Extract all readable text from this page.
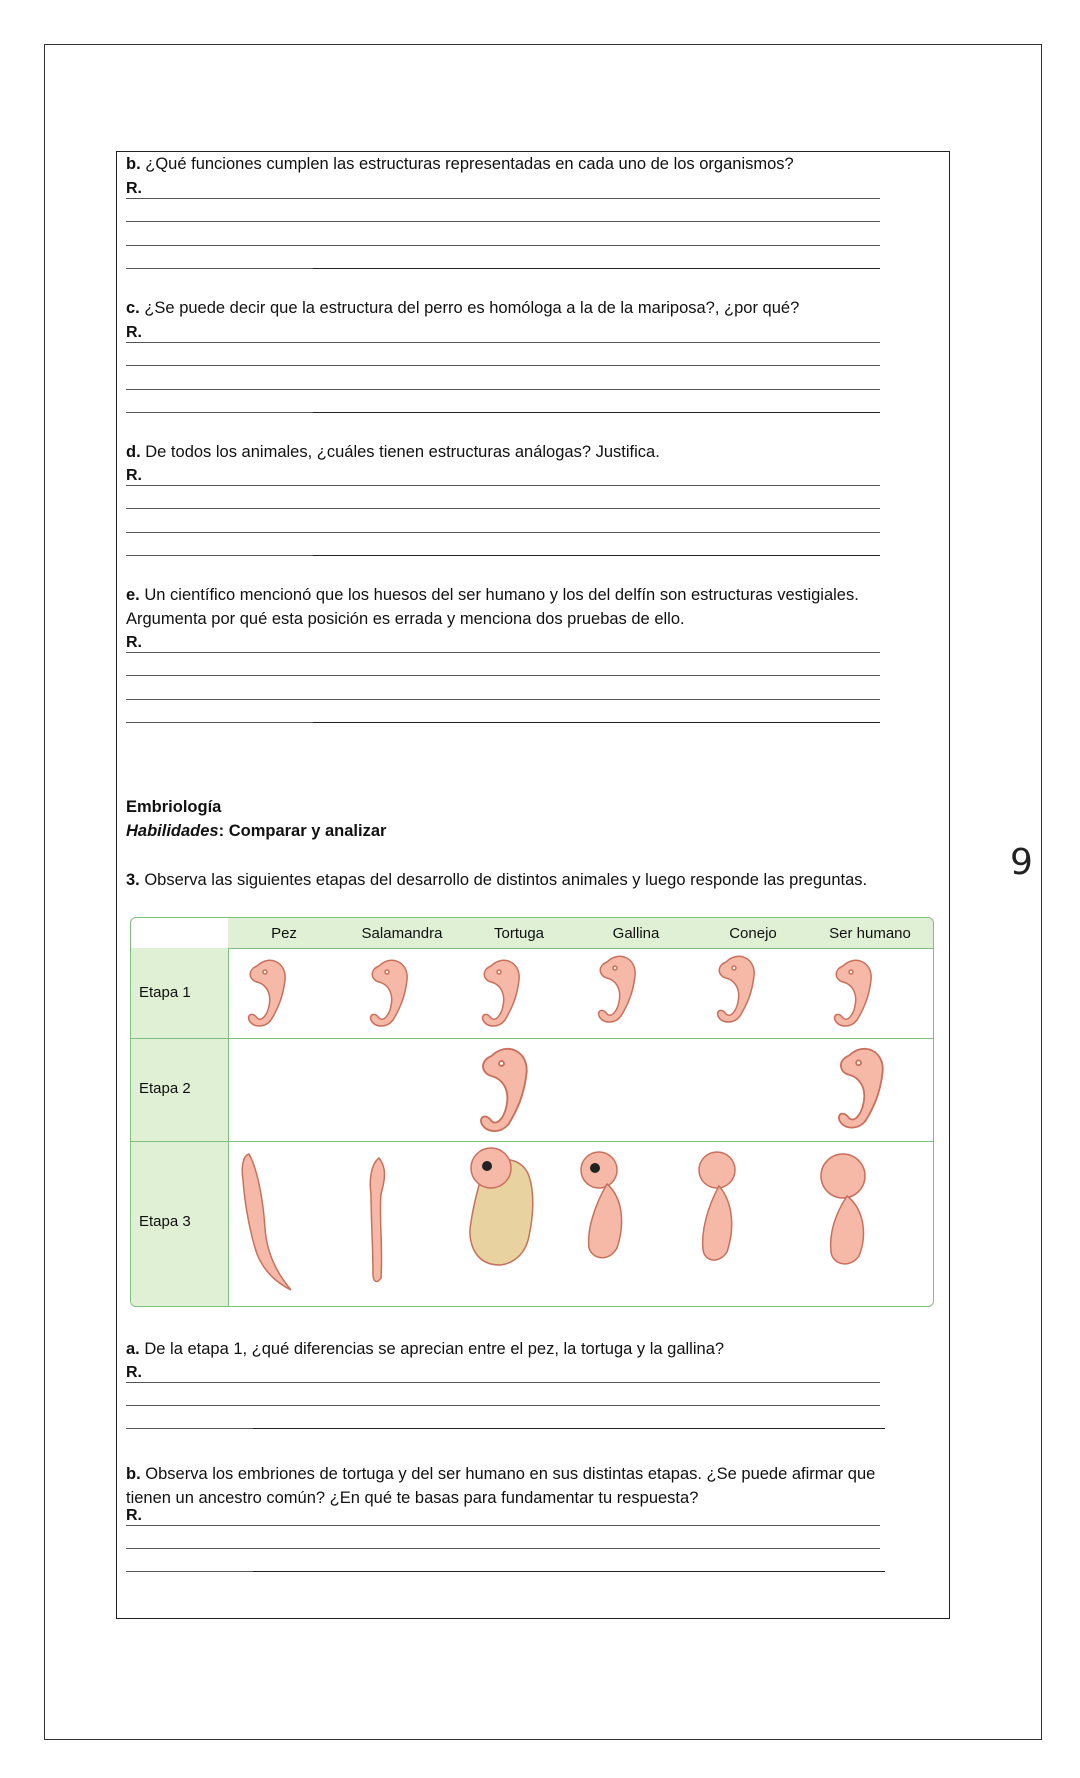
9
b. ¿Qué funciones cumplen las estructuras representadas en cada uno de los organismos?
R.
c. ¿Se puede decir que la estructura del perro es homóloga a la de la mariposa?, ¿por qué?
R.
d. De todos los animales, ¿cuáles tienen estructuras análogas? Justifica.
R.
e. Un científico mencionó que los huesos del ser humano y los del delfín son estructuras vestigiales.
Argumenta por qué esta posición es errada y menciona dos pruebas de ello.
R.
Embriología
Habilidades: Comparar y analizar
3. Observa las siguientes etapas del desarrollo de distintos animales y luego responde las preguntas.
Pez	Salamandra	Tortuga	Gallina	Conejo	Ser humano
Etapa 1
Etapa 2
Etapa 3
a. De la etapa 1, ¿qué diferencias se aprecian entre el pez, la tortuga y la gallina?
R.
b. Observa los embriones de tortuga y del ser humano en sus distintas etapas. ¿Se puede afirmar que
tienen un ancestro común? ¿En qué te basas para fundamentar tu respuesta?
R.
